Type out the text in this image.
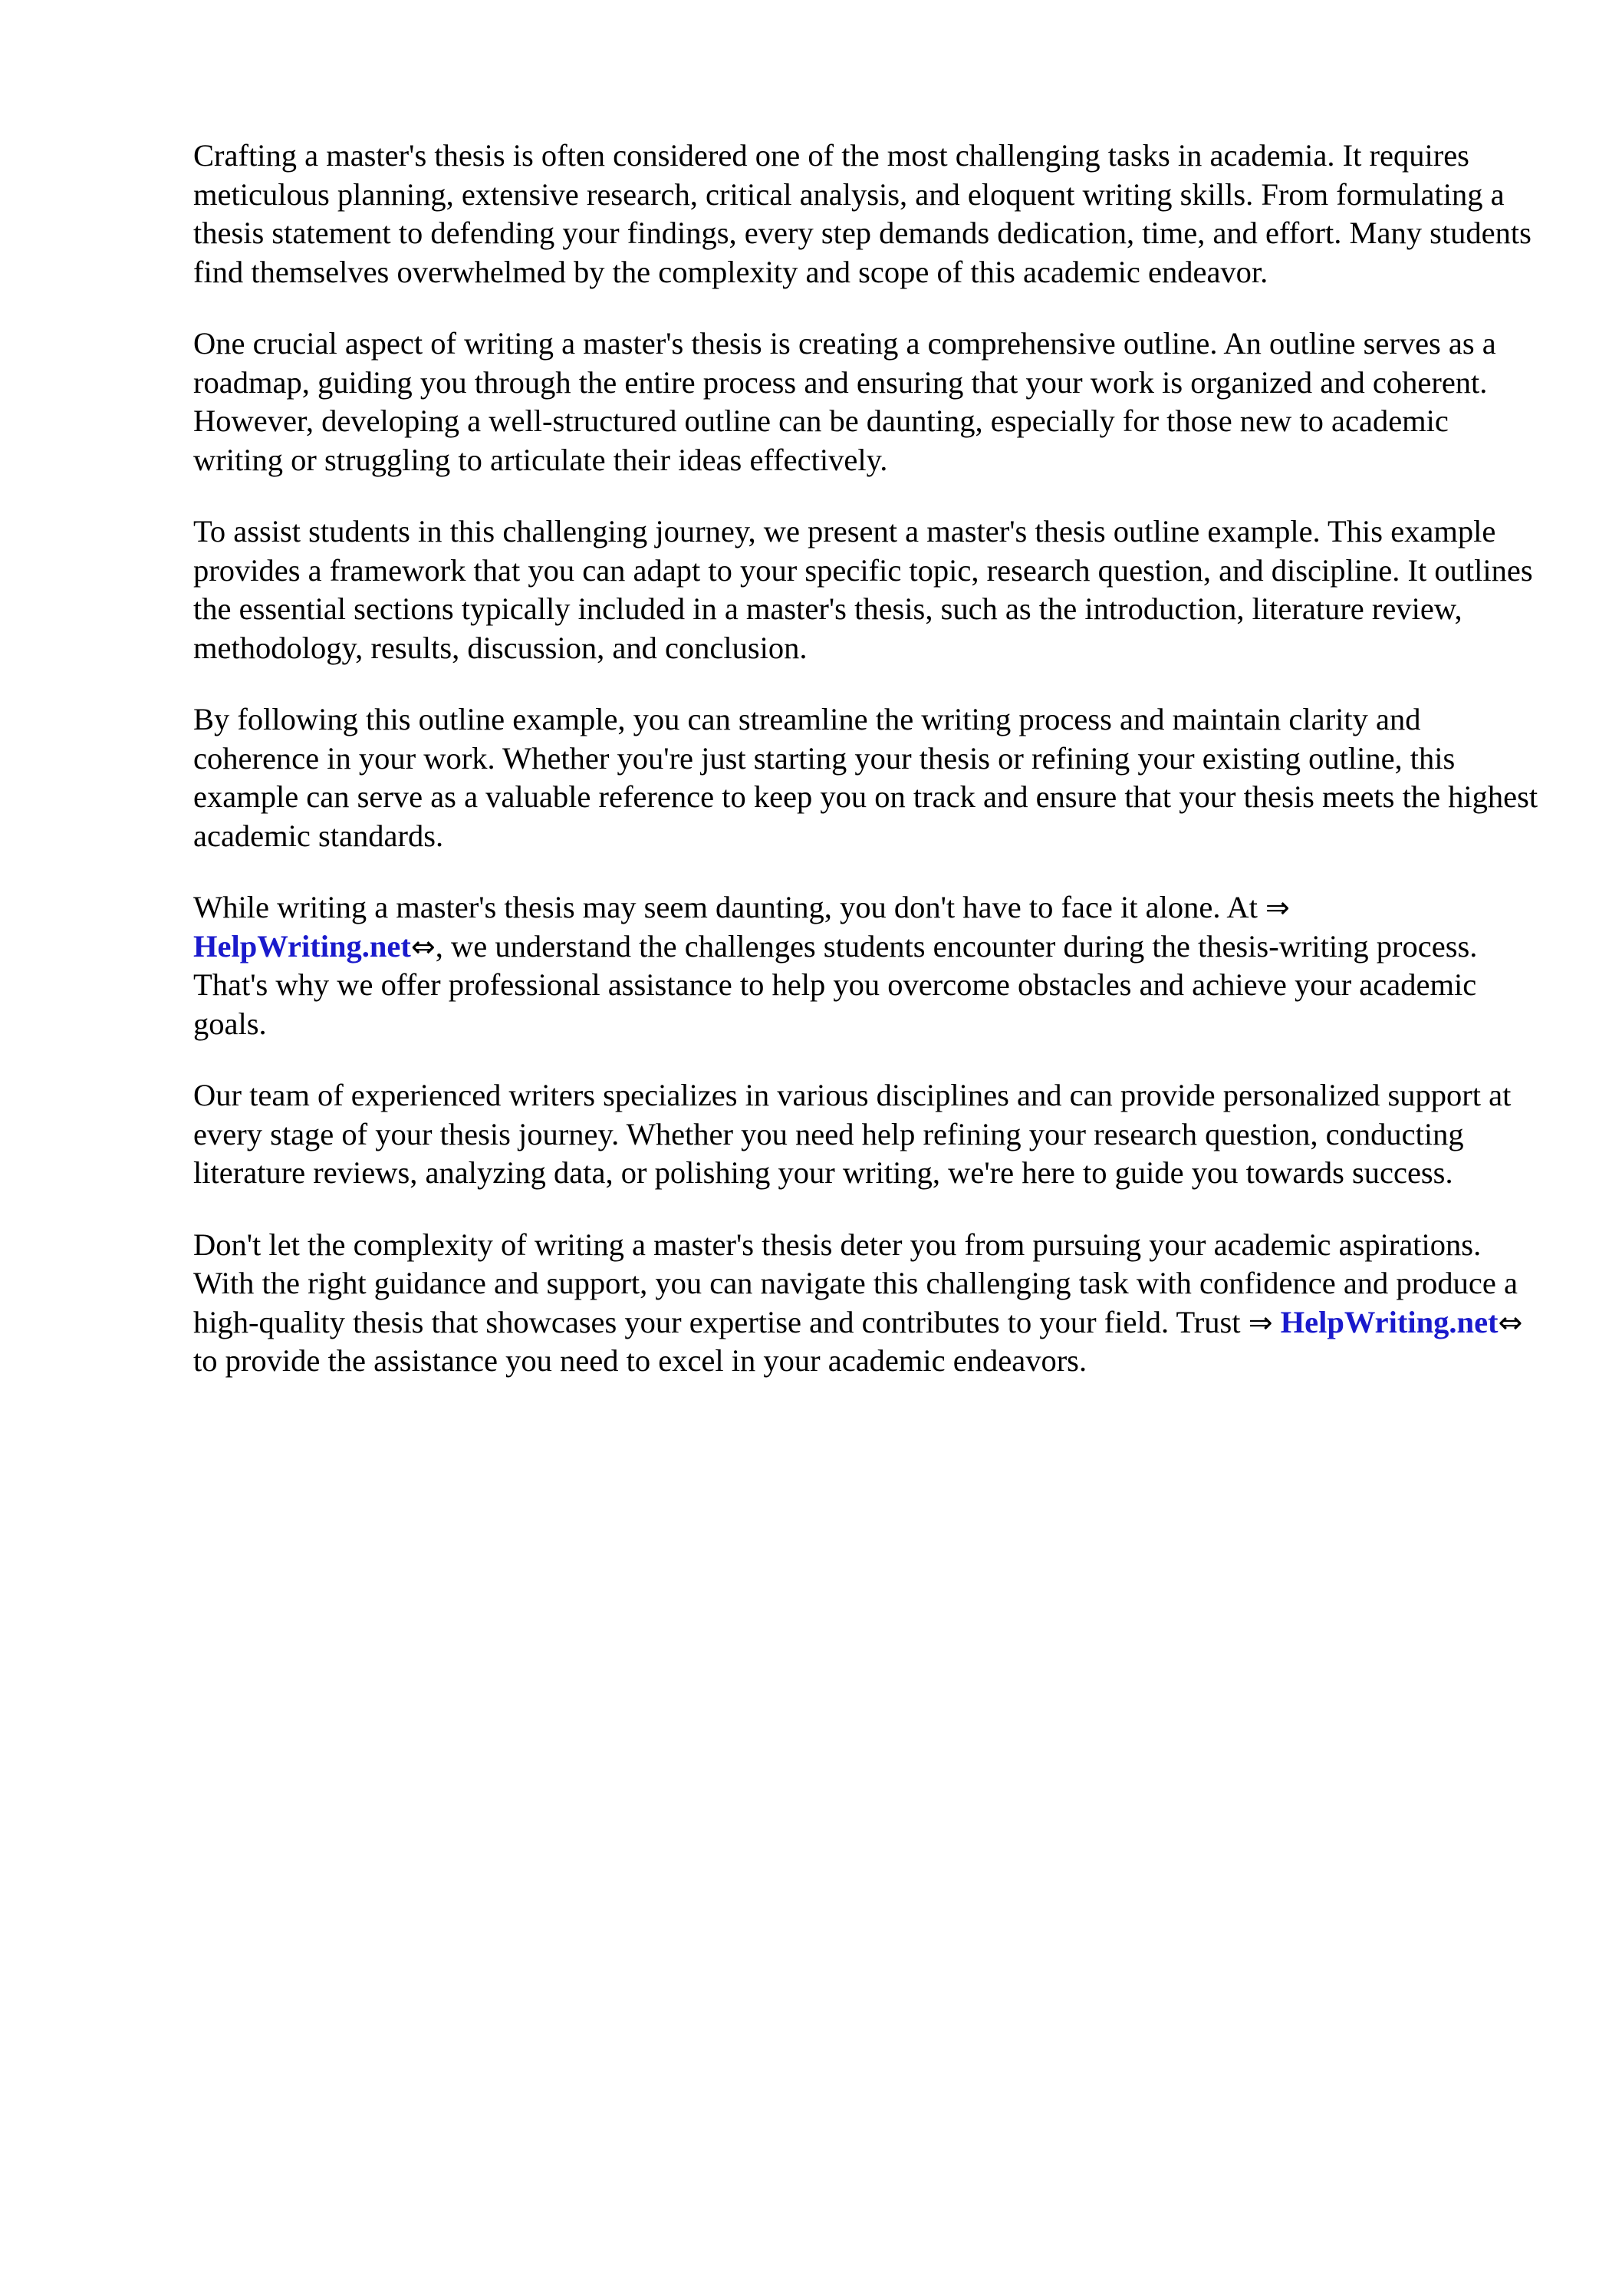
Crafting a master's thesis is often considered one of the most challenging tasks in academia. It requires meticulous planning, extensive research, critical analysis, and eloquent writing skills. From formulating a thesis statement to defending your findings, every step demands dedication, time, and effort. Many students find themselves overwhelmed by the complexity and scope of this academic endeavor.

One crucial aspect of writing a master's thesis is creating a comprehensive outline. An outline serves as a roadmap, guiding you through the entire process and ensuring that your work is organized and coherent. However, developing a well-structured outline can be daunting, especially for those new to academic writing or struggling to articulate their ideas effectively.

To assist students in this challenging journey, we present a master's thesis outline example. This example provides a framework that you can adapt to your specific topic, research question, and discipline. It outlines the essential sections typically included in a master's thesis, such as the introduction, literature review, methodology, results, discussion, and conclusion.

By following this outline example, you can streamline the writing process and maintain clarity and coherence in your work. Whether you're just starting your thesis or refining your existing outline, this example can serve as a valuable reference to keep you on track and ensure that your thesis meets the highest academic standards.

While writing a master's thesis may seem daunting, you don't have to face it alone. At ⇒
HelpWriting.net⇔, we understand the challenges students encounter during the thesis-writing process. That's why we offer professional assistance to help you overcome obstacles and achieve your academic goals.

Our team of experienced writers specializes in various disciplines and can provide personalized support at every stage of your thesis journey. Whether you need help refining your research question, conducting literature reviews, analyzing data, or polishing your writing, we're here to guide you towards success.

Don't let the complexity of writing a master's thesis deter you from pursuing your academic aspirations. With the right guidance and support, you can navigate this challenging task with confidence and produce a high-quality thesis that showcases your expertise and contributes to your field. Trust ⇒ HelpWriting.net⇔ to provide the assistance you need to excel in your academic endeavors.
